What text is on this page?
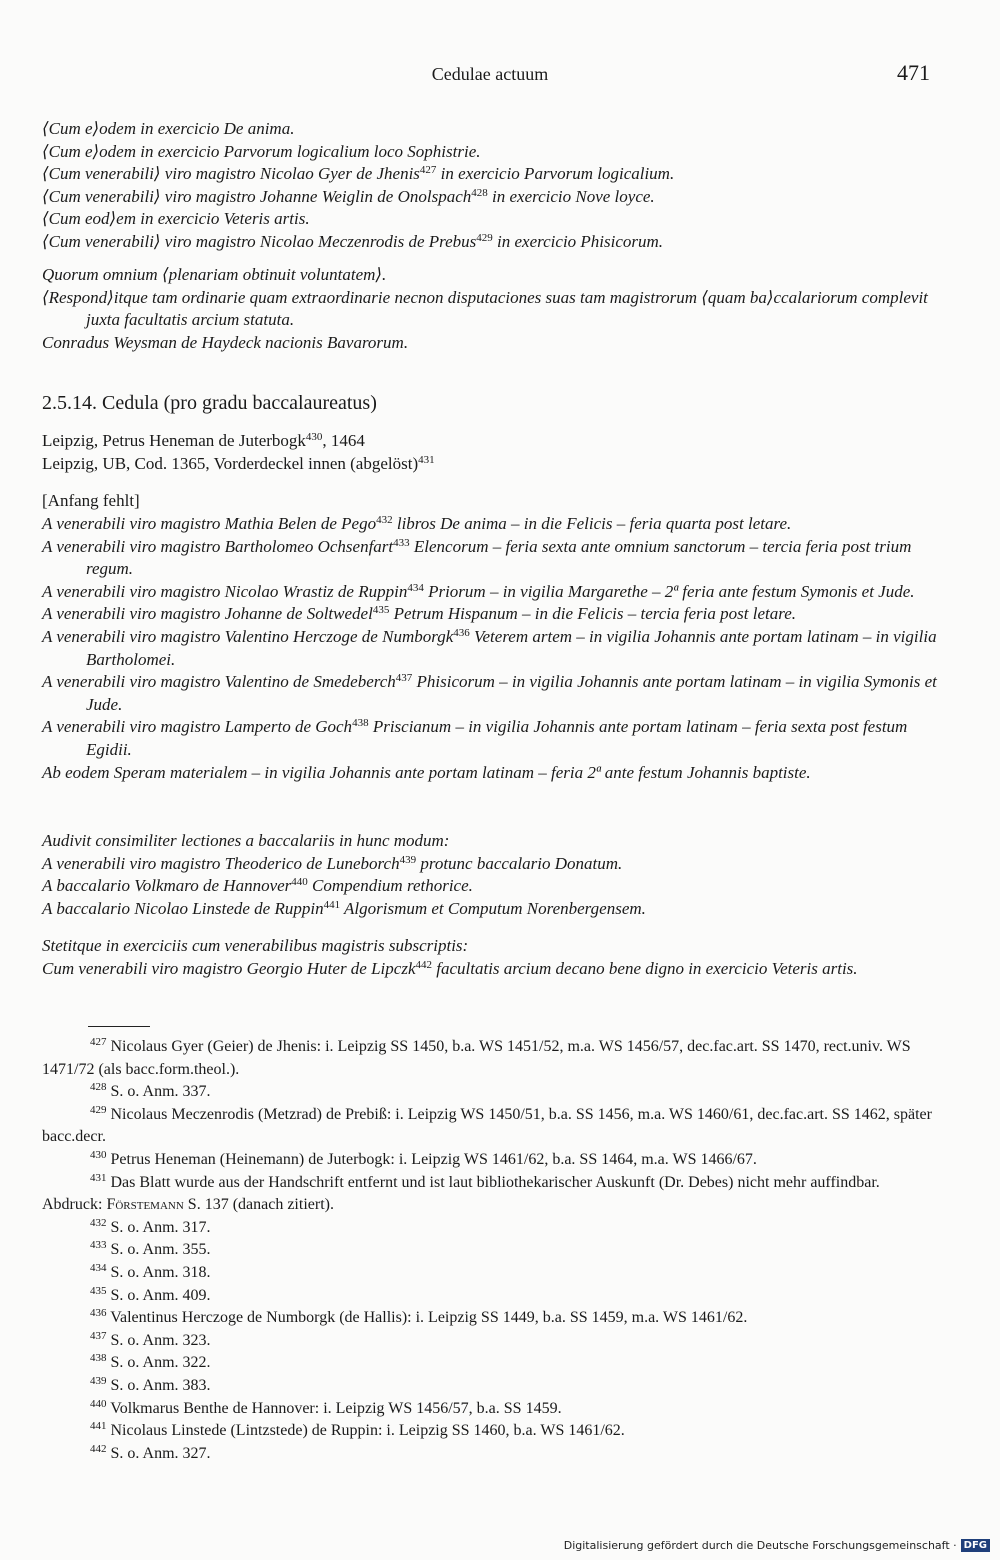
Cedulae actuum	471
⟨Cum e⟩odem in exercicio De anima.
⟨Cum e⟩odem in exercicio Parvorum logicalium loco Sophistrie.
⟨Cum venerabili⟩ viro magistro Nicolao Gyer de Jhenis$^{427}$ in exercicio Parvorum logicalium.
⟨Cum venerabili⟩ viro magistro Johanne Weiglin de Onolspach$^{428}$ in exercicio Nove loyce.
⟨Cum eod⟩em in exercicio Veteris artis.
⟨Cum venerabili⟩ viro magistro Nicolao Meczenrodis de Prebus$^{429}$ in exercicio Phisicorum.
Quorum omnium ⟨plenariam obtinuit voluntatem⟩.
⟨Respond⟩itque tam ordinarie quam extraordinarie necnon disputaciones suas tam magistrorum ⟨quam ba⟩ccalariorum complevit juxta facultatis arcium statuta.
Conradus Weysman de Haydeck nacionis Bavarorum.
2.5.14. Cedula (pro gradu baccalaureatus)
Leipzig, Petrus Heneman de Juterbogk$^{430}$, 1464
Leipzig, UB, Cod. 1365, Vorderdeckel innen (abgelöst)$^{431}$
[Anfang fehlt]
A venerabili viro magistro Mathia Belen de Pego$^{432}$ libros De anima – in die Felicis – feria quarta post letare.
A venerabili viro magistro Bartholomeo Ochsenfart$^{433}$ Elencorum – feria sexta ante omnium sanctorum – tercia feria post trium regum.
A venerabili viro magistro Nicolao Wrastiz de Ruppin$^{434}$ Priorum – in vigilia Margarethe – 2ª feria ante festum Symonis et Jude.
A venerabili viro magistro Johanne de Soltwedel$^{435}$ Petrum Hispanum – in die Felicis – tercia feria post letare.
A venerabili viro magistro Valentino Herczoge de Numborgk$^{436}$ Veterem artem – in vigilia Johannis ante portam latinam – in vigilia Bartholomei.
A venerabili viro magistro Valentino de Smedeberch$^{437}$ Phisicorum – in vigilia Johannis ante portam latinam – in vigilia Symonis et Jude.
A venerabili viro magistro Lamperto de Goch$^{438}$ Priscianum – in vigilia Johannis ante portam latinam – feria sexta post festum Egidii.
Ab eodem Speram materialem – in vigilia Johannis ante portam latinam – feria 2ª ante festum Johannis baptiste.
Audivit consimiliter lectiones a baccalariis in hunc modum:
A venerabili viro magistro Theoderico de Luneborch$^{439}$ protunc baccalario Donatum.
A baccalario Volkmaro de Hannover$^{440}$ Compendium rethorice.
A baccalario Nicolao Linstede de Ruppin$^{441}$ Algorismum et Computum Norenbergensem.
Stetitque in exerciciis cum venerabilibus magistris subscriptis:
Cum venerabili viro magistro Georgio Huter de Lipczk$^{442}$ facultatis arcium decano bene digno in exercicio Veteris artis.
$^{427}$ Nicolaus Gyer (Geier) de Jhenis: i. Leipzig SS 1450, b.a. WS 1451/52, m.a. WS 1456/57, dec.fac.art. SS 1470, rect.univ. WS 1471/72 (als bacc.form.theol.).
$^{428}$ S. o. Anm. 337.
$^{429}$ Nicolaus Meczenrodis (Metzrad) de Prebiß: i. Leipzig WS 1450/51, b.a. SS 1456, m.a. WS 1460/61, dec.fac.art. SS 1462, später bacc.decr.
$^{430}$ Petrus Heneman (Heinemann) de Juterbogk: i. Leipzig WS 1461/62, b.a. SS 1464, m.a. WS 1466/67.
$^{431}$ Das Blatt wurde aus der Handschrift entfernt und ist laut bibliothekarischer Auskunft (Dr. Debes) nicht mehr auffindbar. Abdruck: Förstemann S. 137 (danach zitiert).
$^{432}$ S. o. Anm. 317.
$^{433}$ S. o. Anm. 355.
$^{434}$ S. o. Anm. 318.
$^{435}$ S. o. Anm. 409.
$^{436}$ Valentinus Herczoge de Numborgk (de Hallis): i. Leipzig SS 1449, b.a. SS 1459, m.a. WS 1461/62.
$^{437}$ S. o. Anm. 323.
$^{438}$ S. o. Anm. 322.
$^{439}$ S. o. Anm. 383.
$^{440}$ Volkmarus Benthe de Hannover: i. Leipzig WS 1456/57, b.a. SS 1459.
$^{441}$ Nicolaus Linstede (Lintzstede) de Ruppin: i. Leipzig SS 1460, b.a. WS 1461/62.
$^{442}$ S. o. Anm. 327.
Digitalisierung gefördert durch die Deutsche Forschungsgemeinschaft · DFG
